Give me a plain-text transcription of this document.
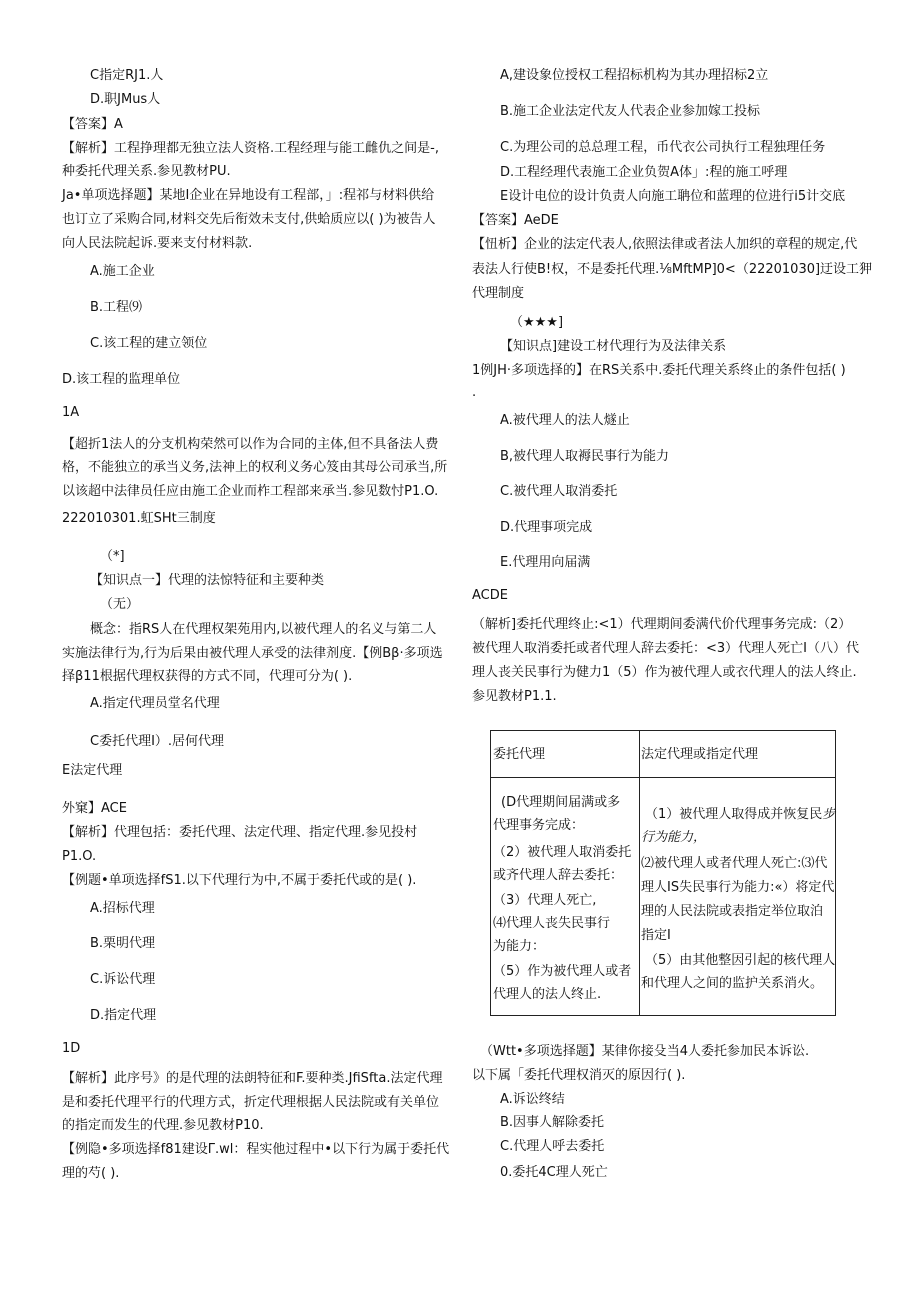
C指定RJ1.人
D.职JMus人
【答案】A
【解析】工程挣理都无独立法人资格.工程经理与能工雌仇之间是-,
种委托代理关系.参见教材PU.
Ja•单项选择题】某地I企业在异地设有工程部，」:程祁与材料供给
也订立了采购合同,材料交先后衔效未支付,供蛤质应以( )为被告人
向人民法院起诉.要来支付材料款.
A.施工企业
B.工程⑼
C.该工程的建立领位
D.该工程的监理单位
1A
【超折1法人的分支机构荣然可以作为合同的主体,但不具备法人费
格，不能独立的承当义务,法神上的权利义务心笈由其母公司承当,所
以该超中法律员任应由施工企业而柞工程部来承当.参见数忖P1.O.
222010301.虹SHt三制度
（*]
【知识点一】代理的法惊特征和主要种类
（无）
概念：指RS人在代理权架苑用内,以被代理人的名义与第二人
实施法律行为,行为后果由被代理人承受的法律剂度.【例Bβ·多项选
择β11根据代理权获得的方式不同，代理可分为( ).
A.指定代理员堂名代理
C委托代理I）.居何代理
E法定代理
外窠】ACE
【解析】代理包括：委托代理、法定代理、指定代理.参见投村
P1.O.
【例题•单项选择fS1.以下代理行为中,不属于委托代或的是( ).
A.招标代理
B.栗明代理
C.诉讼代理
D.指定代理
1D
【解析】此序号》的是代理的法朗特征和F.要种类.JfiSfta.法定代理
是和委托代理平行的代理方式，折定代理根据人民法院或有关单位
的指定而发生的代理.参见教材P10.
【例隐•多项选择f81建设Γ.wl：程实他过程中•以下行为属于委托代
理的芍( ).
A,建设象位授权工程招标机构为其办理招标2立
B.施工企业法定代友人代表企业参加嫁工投标
C.为理公司的总总理工程，币代衣公司执行工程独理任务
D.工程经理代表施工企业负贺A体」:程的施工呼理
E设计电位的设计负责人向施工聃位和蓝理的位进行i5计交底
【答案】AeDE
【忸析】企业的法定代表人,依照法律或者法人加织的章程的规定,代
表法人行使B!权，不是委托代理.⅛MftMP]0<（22201030]迂设工狎
代理制度
（★★★]
【知识点]建设工材代理行为及法律关系
1例JH·多项选择的】在RS关系中.委托代理关系终止的条件包括( )
.
A.被代理人的法人燧止
B,被代理人取褥民事行为能力
C.被代理人取消委托
D.代理事项完成
E.代理用向届满
ACDE
（解析]委托代理终止:<1）代理期间委满代价代理事务完成:（2）
被代理人取消委托或者代理人辞去委托：<3）代理人死亡I（八）代
理人丧关民事行为健力1（5）作为被代理人或衣代理人的法人终止.
参见教材P1.1.
委托代理	法定代理或指定代理
(D代理期间届满或多
代理事务完成：
（2）被代理人取消委托
或齐代理人辞去委托：
（3）代理人死亡,
⑷代理人丧失民事行
为能力：
（5）作为被代理人或者
代理人的法人终止.
（1）被代理人取得成并恢复民步
行为能力，
⑵被代理人或者代理人死亡:⑶代
理人IS失民事行为能力:«）将定代
理的人民法院或表指定举位取泊
指定I
（5）由其他整因引起的核代理人
和代理人之间的监护关系消火。
（Wtt•多项选择题】某律你接殳当4人委托参加民本诉讼.
以下属「委托代理权消灭的原因行( ).
A.诉讼终结
B.因事人解除委托
C.代理人呼去委托
0.委托4C理人死亡
